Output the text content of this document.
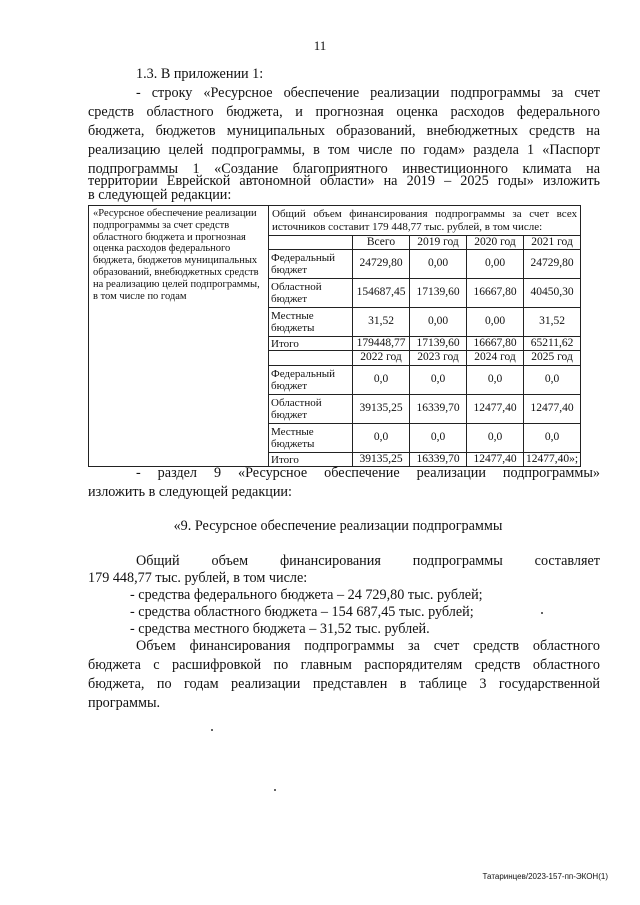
11
1.3. В приложении 1:
- строку «Ресурсное обеспечение реализации подпрограммы за счет
средств областного бюджета, и прогнозная оценка расходов федерального
бюджета, бюджетов муниципальных образований, внебюджетных средств на
реализацию целей подпрограммы, в том числе по годам» раздела 1 «Паспорт
подпрограммы 1 «Создание благоприятного инвестиционного климата на
территории Еврейской автономной области» на 2019 – 2025 годы» изложить
в следующей редакции:
«Ресурсное обеспечение реализации подпрограммы за счет средств областного бюджета и прогнозная оценка расходов федерального бюджета, бюджетов муниципальных образований, внебюджетных средств на реализацию целей подпрограммы, в том числе по годам	Общий объем финансирования подпрограммы за счет всех источников составит 179 448,77 тыс. рублей, в том числе:				
		Всего	2019 год	2020 год	2021 год
	Федеральный бюджет	24729,80	0,00	0,00	24729,80
	Областной бюджет	154687,45	17139,60	16667,80	40450,30
	Местные бюджеты	31,52	0,00	0,00	31,52
	Итого	179448,77	17139,60	16667,80	65211,62
		2022 год	2023 год	2024 год	2025 год
	Федеральный бюджет	0,0	0,0	0,0	0,0
	Областной бюджет	39135,25	16339,70	12477,40	12477,40
	Местные бюджеты	0,0	0,0	0,0	0,0
	Итого	39135,25	16339,70	12477,40	12477,40»;
- раздел 9 «Ресурсное обеспечение реализации подпрограммы»
изложить в следующей редакции:
«9. Ресурсное обеспечение реализации подпрограммы
Общий объем финансирования подпрограммы составляет
179 448,77 тыс. рублей, в том числе:
- средства федерального бюджета – 24 729,80 тыс. рублей;
- средства областного бюджета – 154 687,45 тыс. рублей;
- средства местного бюджета – 31,52 тыс. рублей.
Объем финансирования подпрограммы за счет средств областного
бюджета с расшифровкой по главным распорядителям средств областного
бюджета, по годам реализации представлен в таблице 3 государственной
программы.
Татаринцев/2023-157-пп-ЭКОН(1)
